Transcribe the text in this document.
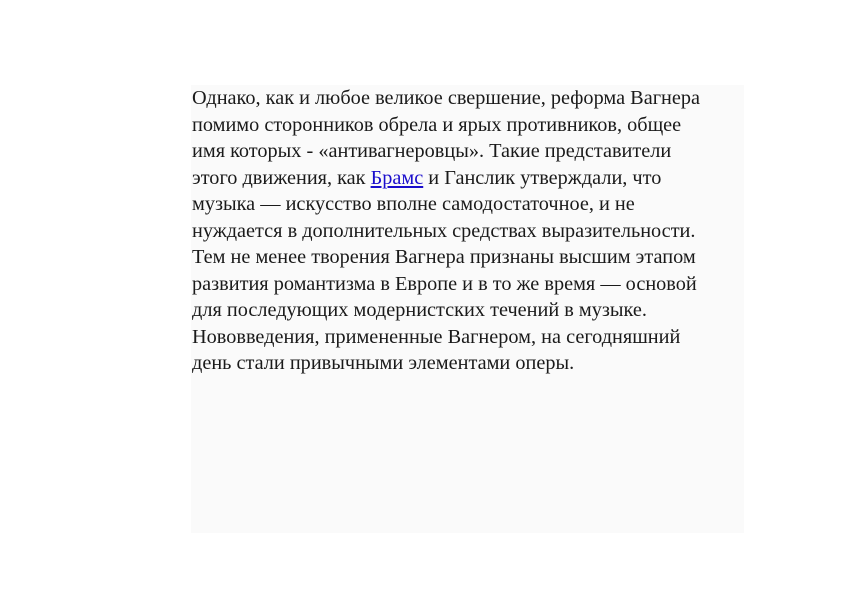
Однако, как и любое великое свершение, реформа Вагнера
помимо сторонников обрела и ярых противников, общее
имя которых - «антивагнеровцы». Такие представители
этого движения, как Брамс и Ганслик утверждали, что
музыка — искусство вполне самодостаточное, и не
нуждается в дополнительных средствах выразительности.
Тем не менее творения Вагнера признаны высшим этапом
развития романтизма в Европе и в то же время — основой
для последующих модернистских течений в музыке.
Нововведения, примененные Вагнером, на сегодняшний
день стали привычными элементами оперы.
